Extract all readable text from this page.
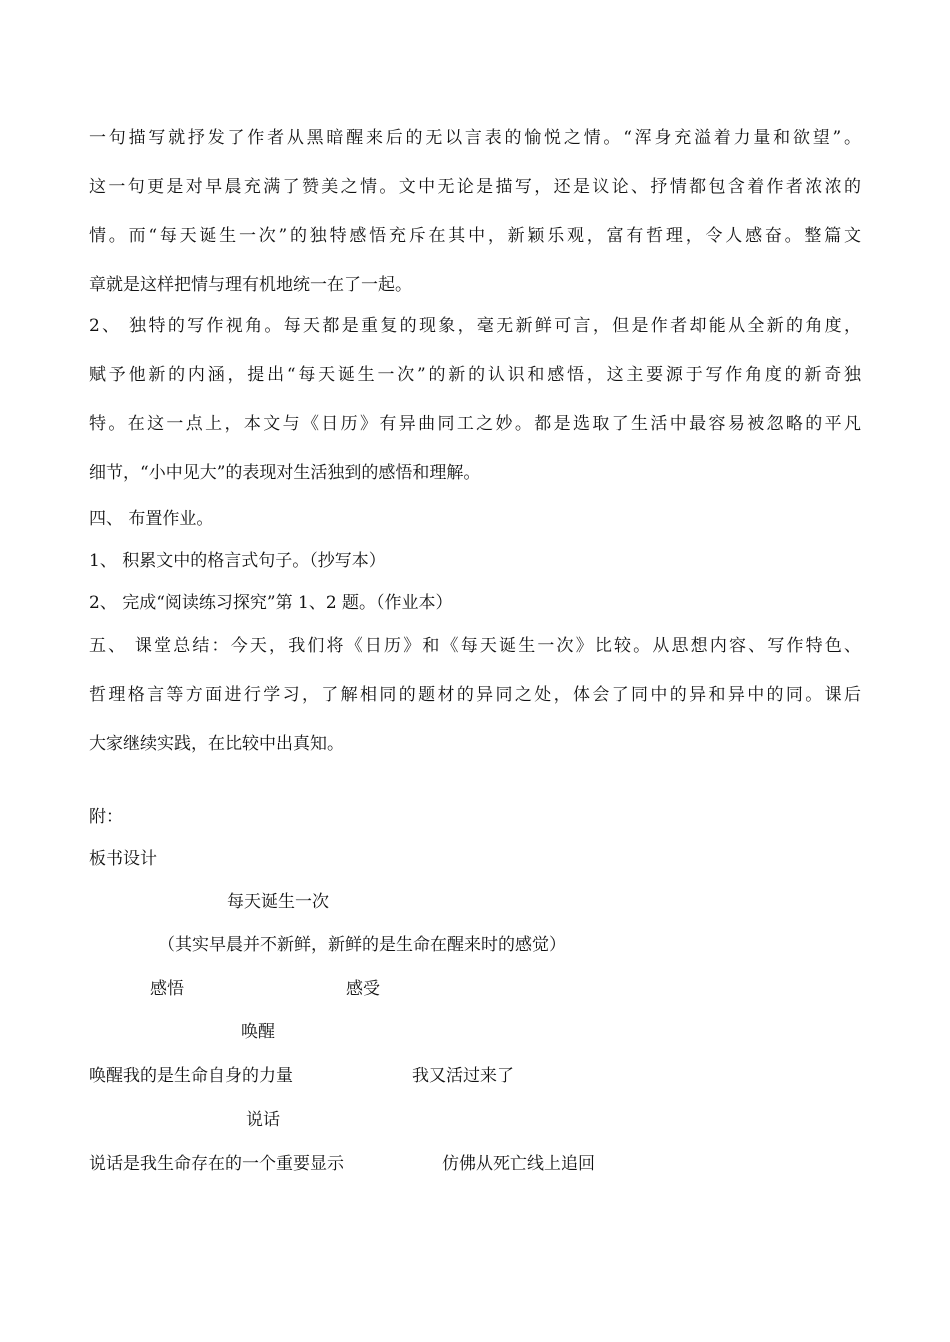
一句描写就抒发了作者从黑暗醒来后的无以言表的愉悦之情。“浑身充溢着力量和欲望”。
这一句更是对早晨充满了赞美之情。文中无论是描写，还是议论、抒情都包含着作者浓浓的
情。而“每天诞生一次”的独特感悟充斥在其中，新颖乐观，富有哲理，令人感奋。整篇文
章就是这样把情与理有机地统一在了一起。
2、 独特的写作视角。每天都是重复的现象，毫无新鲜可言，但是作者却能从全新的角度，
赋予他新的内涵，提出“每天诞生一次”的新的认识和感悟，这主要源于写作角度的新奇独
特。在这一点上，本文与《日历》有异曲同工之妙。都是选取了生活中最容易被忽略的平凡
细节，“小中见大”的表现对生活独到的感悟和理解。
四、 布置作业。
1、 积累文中的格言式句子。（抄写本）
2、 完成“阅读练习探究”第 1、2 题。（作业本）
五、 课堂总结：今天，我们将《日历》和《每天诞生一次》比较。从思想内容、写作特色、
哲理格言等方面进行学习，了解相同的题材的异同之处，体会了同中的异和异中的同。课后
大家继续实践，在比较中出真知。
附：
板书设计
每天诞生一次
（其实早晨并不新鲜，新鲜的是生命在醒来时的感觉）
感悟	感受
唤醒
唤醒我的是生命自身的力量	我又活过来了
说话
说话是我生命存在的一个重要显示	仿佛从死亡线上追回
